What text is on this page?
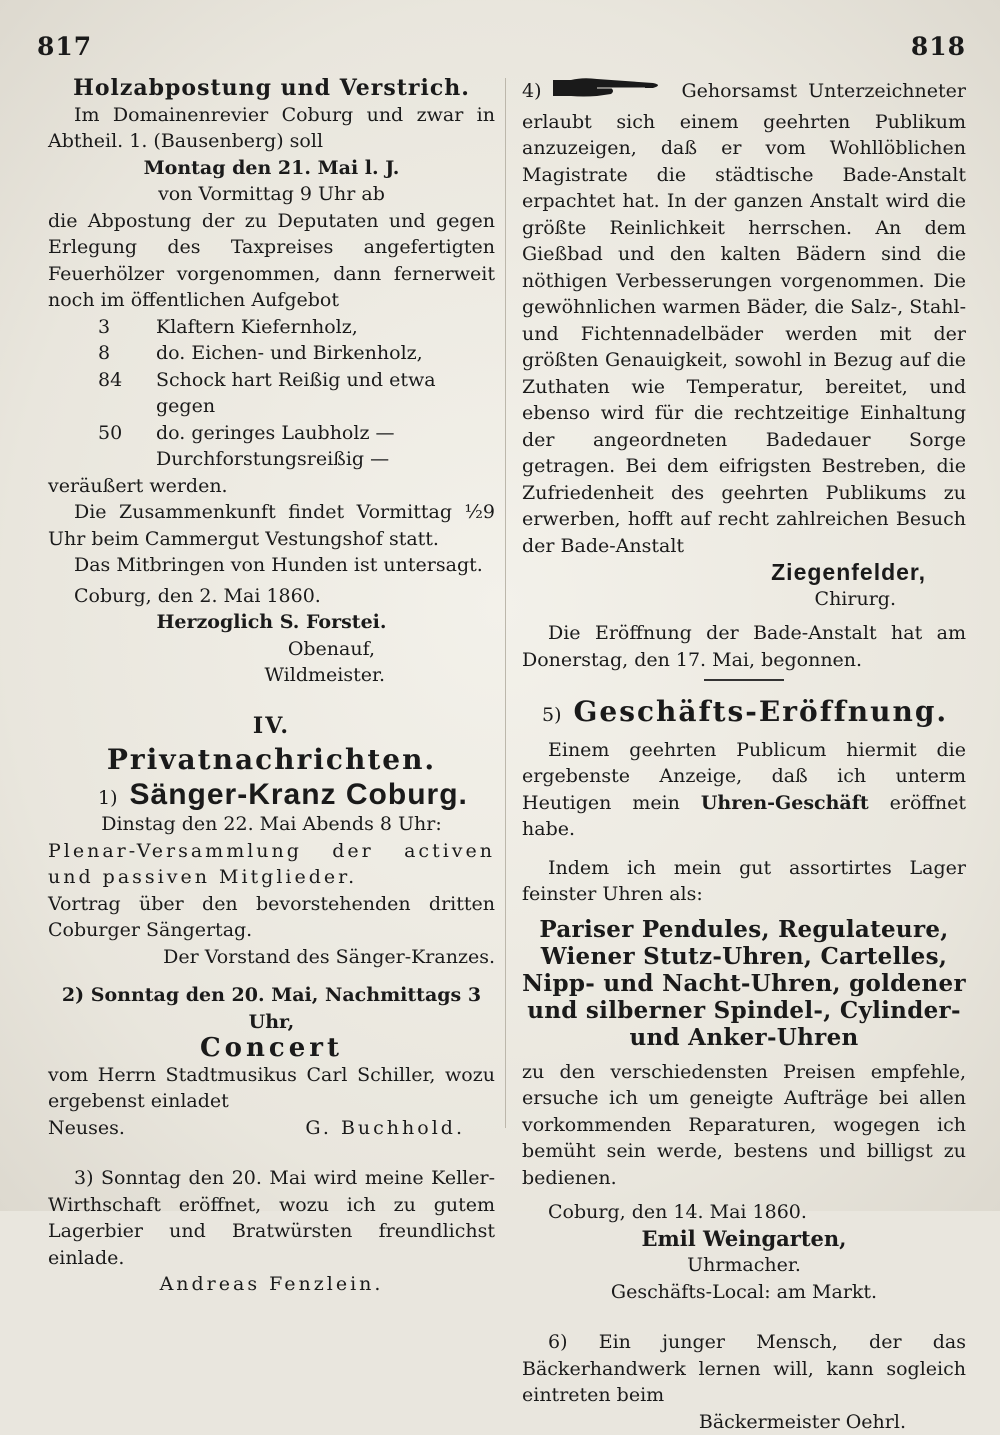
817	818

Holzabpostung und Verstrich.

Im Domainenrevier Coburg und zwar in Abtheil. 1. (Bausenberg) soll

Montag den 21. Mai l. J.

von Vormittag 9 Uhr ab

die Abpostung der zu Deputaten und gegen Erlegung des Taxpreises angefertigten Feuerhölzer vorgenommen, dann fernerweit noch im öffentlichen Aufgebot

3	Klaftern Kiefernholz,
8	do. Eichen- und Birkenholz,
84	Schock hart Reißig und etwa gegen
50	do. geringes Laubholz — Durchforstungsreißig —

veräußert werden.

Die Zusammenkunft findet Vormittag ½9 Uhr beim Cammergut Vestungshof statt.

Das Mitbringen von Hunden ist untersagt.

Coburg, den 2. Mai 1860.

Herzoglich S. Forstei.

Obenauf,

Wildmeister.

IV.

Privatnachrichten.

1) Sänger-Kranz Coburg.

Dinstag den 22. Mai Abends 8 Uhr:

Plenar-Versammlung der activen und passiven Mitglieder.

Vortrag über den bevorstehenden dritten Coburger Sängertag.

Der Vorstand des Sänger-Kranzes.

2) Sonntag den 20. Mai, Nachmittags 3 Uhr,

Concert

vom Herrn Stadtmusikus Carl Schiller, wozu ergebenst einladet

Neuses.	G. Buchhold.

3) Sonntag den 20. Mai wird meine Keller-Wirthschaft eröffnet, wozu ich zu gutem Lagerbier und Bratwürsten freundlichst einlade.

Andreas Fenzlein.

4)	Gehorsamst Unterzeichneter erlaubt sich einem geehrten Publikum anzuzeigen, daß er vom Wohllöblichen Magistrate die städtische Bade-Anstalt erpachtet hat. In der ganzen Anstalt wird die größte Reinlichkeit herrschen. An dem Gießbad und den kalten Bädern sind die nöthigen Verbesserungen vorgenommen. Die gewöhnlichen warmen Bäder, die Salz-, Stahl- und Fichtennadelbäder werden mit der größten Genauigkeit, sowohl in Bezug auf die Zuthaten wie Temperatur, bereitet, und ebenso wird für die rechtzeitige Einhaltung der angeordneten Badedauer Sorge getragen. Bei dem eifrigsten Bestreben, die Zufriedenheit des geehrten Publikums zu erwerben, hofft auf recht zahlreichen Besuch der Bade-Anstalt

Ziegenfelder,

Chirurg.

Die Eröffnung der Bade-Anstalt hat am Donerstag, den 17. Mai, begonnen.

5) Geschäfts-Eröffnung.

Einem geehrten Publicum hiermit die ergebenste Anzeige, daß ich unterm Heutigen mein Uhren-Geschäft eröffnet habe.

Indem ich mein gut assortirtes Lager feinster Uhren als:

Pariser Pendules, Regulateure, Wiener Stutz-Uhren, Cartelles, Nipp- und Nacht-Uhren, goldener und silberner Spindel-, Cylinder- und Anker-Uhren

zu den verschiedensten Preisen empfehle, ersuche ich um geneigte Aufträge bei allen vorkommenden Reparaturen, wogegen ich bemüht sein werde, bestens und billigst zu bedienen.

Coburg, den 14. Mai 1860.

Emil Weingarten,

Uhrmacher.

Geschäfts-Local: am Markt.

6) Ein junger Mensch, der das Bäckerhandwerk lernen will, kann sogleich eintreten beim

Bäckermeister Oehrl.
